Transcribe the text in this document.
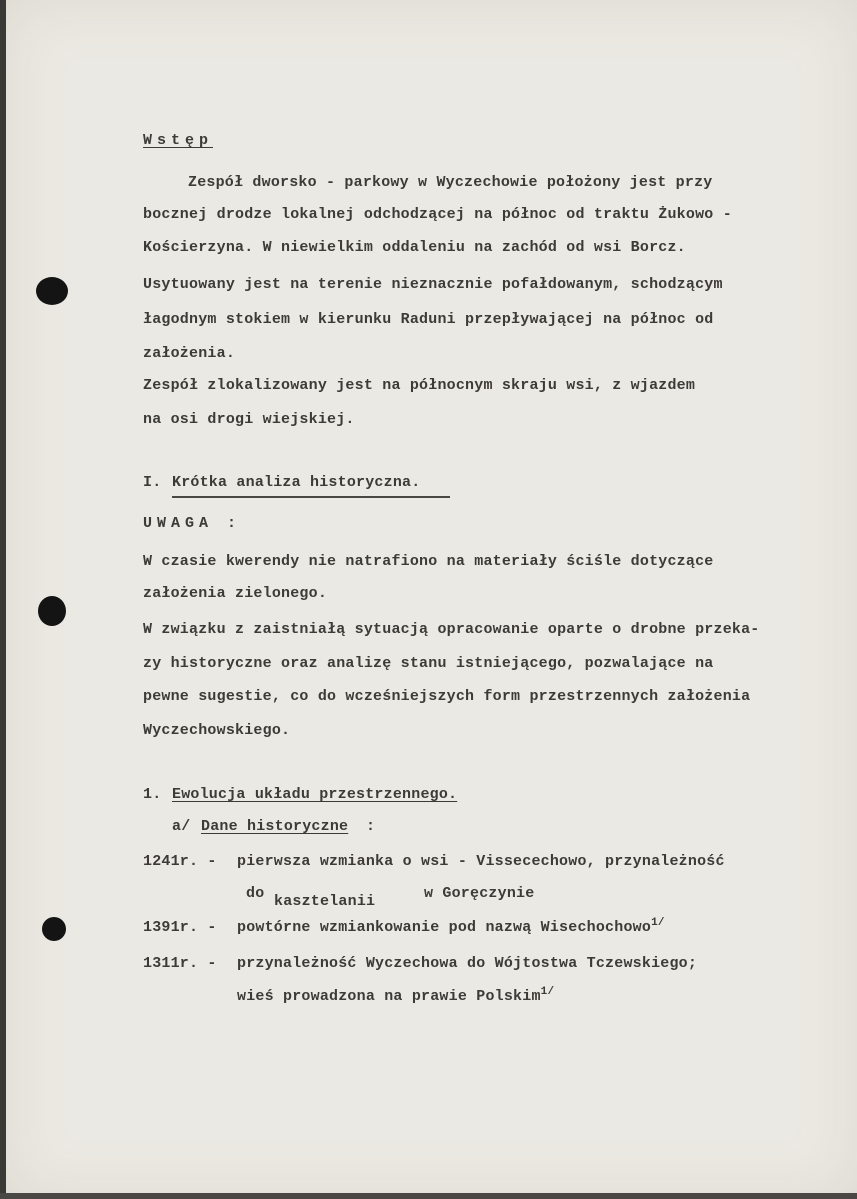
Wstęp
Zespół dworsko - parkowy w Wyczechowie położony jest przy
bocznej drodze lokalnej odchodzącej na północ od traktu Żukowo -
Kościerzyna. W niewielkim oddaleniu na zachód od wsi Borcz.
Usytuowany jest na terenie nieznacznie pofałdowanym, schodzącym
łagodnym stokiem w kierunku Raduni przepływającej na północ od
założenia.
Zespół zlokalizowany jest na północnym skraju wsi, z wjazdem
na osi drogi wiejskiej.
I. Krótka analiza historyczna.
UWAGA :
W czasie kwerendy nie natrafiono na materiały ściśle dotyczące
założenia zielonego.
W związku z zaistniałą sytuacją opracowanie oparte o drobne przeka-
zy historyczne oraz analizę stanu istniejącego, pozwalające na
pewne sugestie, co do wcześniejszych form przestrzennych założenia
Wyczechowskiego.
1. Ewolucja układu przestrzennego.
a/ Dane historyczne :
1241r. - pierwsza wzmianka o wsi - Vissecechowo, przynależność
do kasztelanii	w Goręczynie
1391r. - powtórne wzmiankowanie pod nazwą Wisechochowo$^{1/}$
1311r. - przynależność Wyczechowa do Wójtostwa Tczewskiego;
wieś prowadzona na prawie Polskim$^{1/}$
